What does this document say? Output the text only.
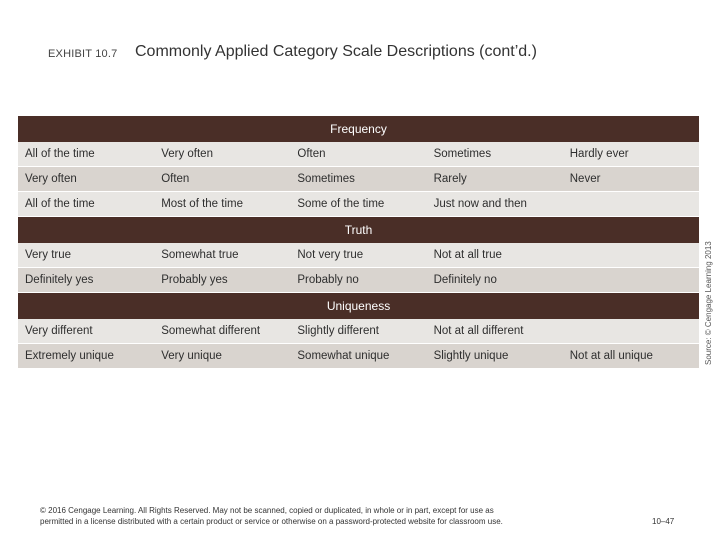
EXHIBIT 10.7 Commonly Applied Category Scale Descriptions (cont’d.)
Frequency
All of the time	Very often	Often	Sometimes	Hardly ever
Very often	Often	Sometimes	Rarely	Never
All of the time	Most of the time	Some of the time	Just now and then
Truth
Very true	Somewhat true	Not very true	Not at all true
Definitely yes	Probably yes	Probably no	Definitely no
Uniqueness
Very different	Somewhat different	Slightly different	Not at all different
Extremely unique	Very unique	Somewhat unique	Slightly unique	Not at all unique	Source: © Cengage Learning 2013
© 2016 Cengage Learning. All Rights Reserved. May not be scanned, copied or duplicated, in whole or in part, except for use as
permitted in a license distributed with a certain product or service or otherwise on a password-protected website for classroom use.	10–47
